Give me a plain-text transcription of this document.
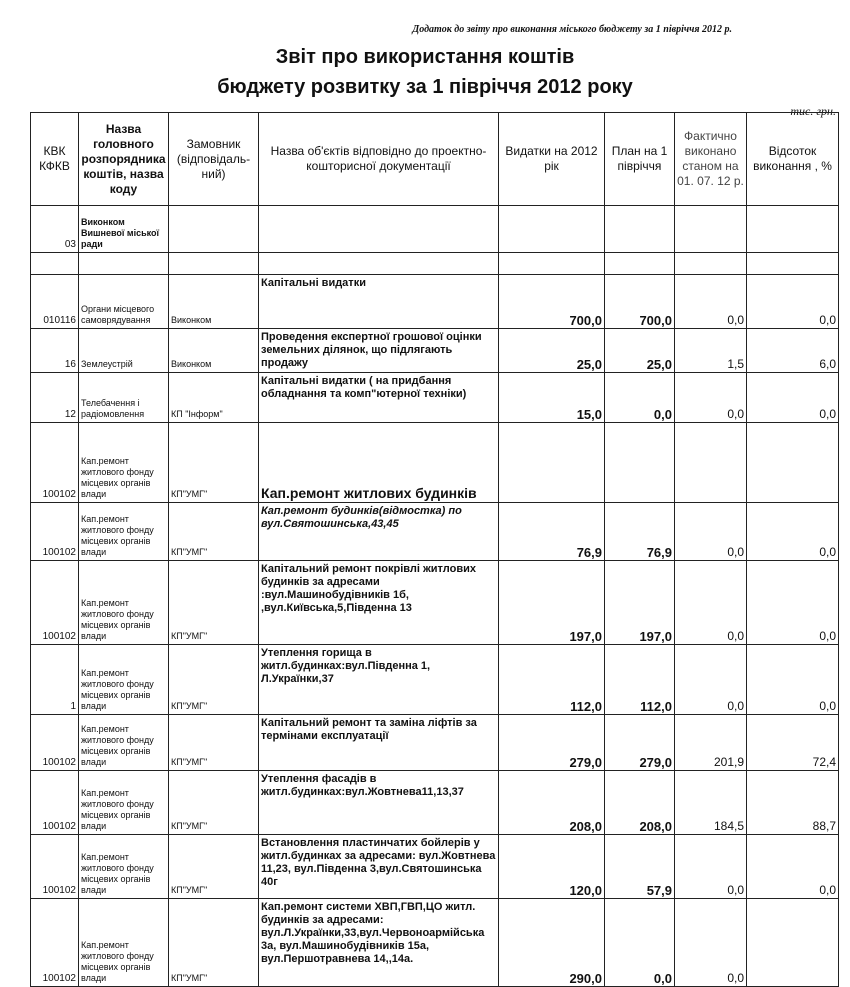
Додаток до звіту про виконання міського бюджету за 1 півріччя 2012 р.
Звіт про використання коштів
бюджету розвитку за 1 півріччя 2012 року
тис. грн.
КВК КФКВ	Назва головного розпорядника коштів, назва коду	Замовник (відповідаль-ний)	Назва об'єктів відповідно до проектно-кошторисної документації	Видатки на 2012 рік	План на 1 півріччя	Фактично виконано станом на 01. 07. 12 р.	Відсоток виконання , %
03	Виконком Вишневої міської ради						

010116	Органи місцевого самоврядування	Виконком	Капітальні видатки	700,0	700,0	0,0	0,0
16	Землеустрій	Виконком	Проведення експертної грошової оцінки земельних ділянок, що підлягають продажу	25,0	25,0	1,5	6,0
12	Телебачення і радіомовлення	КП "Інформ"	Капітальні видатки ( на придбання обладнання та комп"ютерної техніки)	15,0	0,0	0,0	0,0
100102	Кап.ремонт житлового фонду місцевих органів влади	КП"УМГ"	Кап.ремонт житлових будинків				
100102	Кап.ремонт житлового фонду місцевих органів влади	КП"УМГ"	Кап.ремонт будинків(відмостка) по вул.Святошинська,43,45	76,9	76,9	0,0	0,0
100102	Кап.ремонт житлового фонду місцевих органів влади	КП"УМГ"	Капітальний ремонт покрівлі житлових будинків за адресами :вул.Машинобудівників 1б, ,вул.Київська,5,Південна 13	197,0	197,0	0,0	0,0
1	Кап.ремонт житлового фонду місцевих органів влади	КП"УМГ"	Утеплення горища в житл.будинках:вул.Південна 1, Л.Українки,37	112,0	112,0	0,0	0,0
100102	Кап.ремонт житлового фонду місцевих органів влади	КП"УМГ"	Капітальний ремонт та заміна ліфтів за термінами експлуатації	279,0	279,0	201,9	72,4
100102	Кап.ремонт житлового фонду місцевих органів влади	КП"УМГ"	Утеплення фасадів в житл.будинках:вул.Жовтнева11,13,37	208,0	208,0	184,5	88,7
100102	Кап.ремонт житлового фонду місцевих органів влади	КП"УМГ"	Встановлення пластинчатих бойлерів у житл.будинках за адресами: вул.Жовтнева 11,23, вул.Південна 3,вул.Святошинська 40г	120,0	57,9	0,0	0,0
100102	Кап.ремонт житлового фонду місцевих органів влади	КП"УМГ"	Кап.ремонт системи ХВП,ГВП,ЦО житл. будинків за адресами: вул.Л.Українки,33,вул.Червоноармійська 3а, вул.Машинобудівників 15а, вул.Першотравнева 14,,14а.	290,0	0,0	0,0	
